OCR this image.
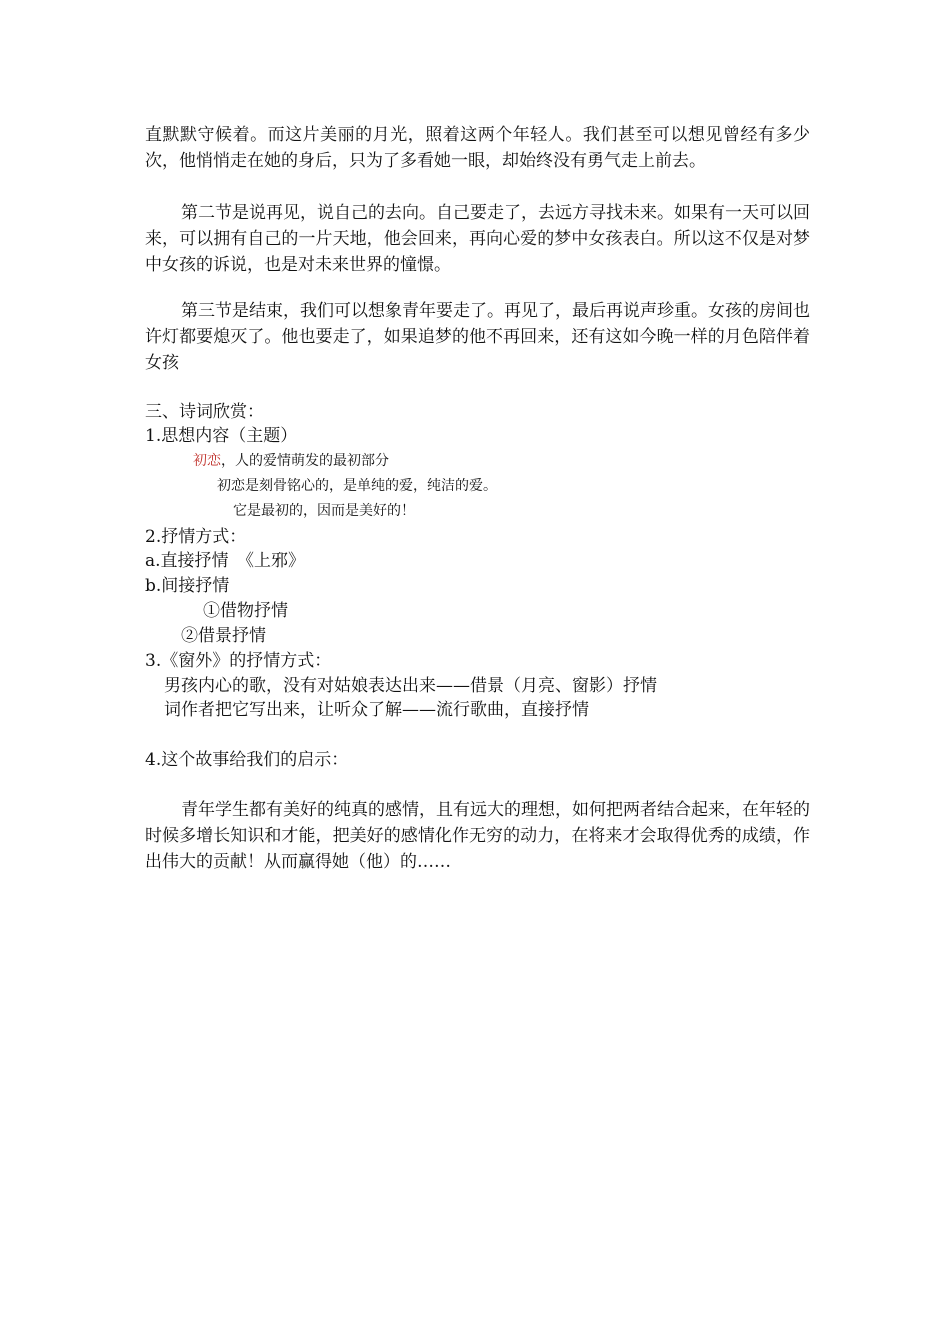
直默默守候着。而这片美丽的月光，照着这两个年轻人。我们甚至可以想见曾经有多少次，他悄悄走在她的身后，只为了多看她一眼，却始终没有勇气走上前去。

第二节是说再见，说自己的去向。自己要走了，去远方寻找未来。如果有一天可以回来，可以拥有自己的一片天地，他会回来，再向心爱的梦中女孩表白。所以这不仅是对梦中女孩的诉说，也是对未来世界的憧憬。

第三节是结束，我们可以想象青年要走了。再见了，最后再说声珍重。女孩的房间也许灯都要熄灭了。他也要走了，如果追梦的他不再回来，还有这如今晚一样的月色陪伴着女孩

三、诗词欣赏：

1.思想内容（主题）

初恋，人的爱情萌发的最初部分

初恋是刻骨铭心的，是单纯的爱，纯洁的爱。

它是最初的，因而是美好的！

2.抒情方式：

a.直接抒情　《上邪》

b.间接抒情

①借物抒情

②借景抒情

3.《窗外》的抒情方式：

男孩内心的歌，没有对姑娘表达出来——借景（月亮、窗影）抒情

词作者把它写出来，让听众了解——流行歌曲，直接抒情

4.这个故事给我们的启示：

青年学生都有美好的纯真的感情，且有远大的理想，如何把两者结合起来，在年轻的时候多增长知识和才能，把美好的感情化作无穷的动力，在将来才会取得优秀的成绩，作出伟大的贡献！从而赢得她（他）的……
